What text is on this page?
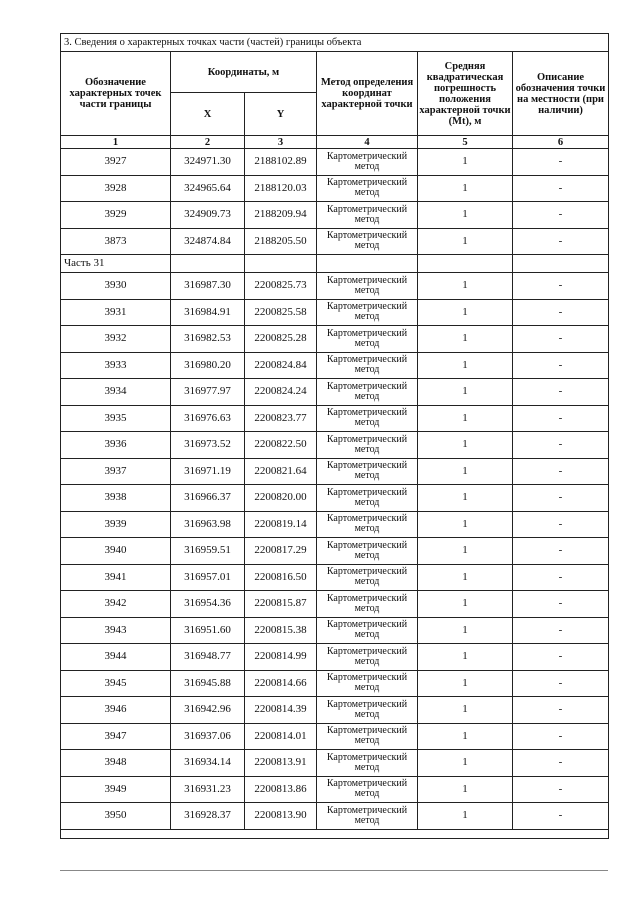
3. Сведения о характерных точках части (частей) границы объекта					
Обозначение характерных точек части границы	Координаты, м		Метод определения координат характерной точки	Средняя квадратическая погрешность положения характерной точки (Mt), м	Описание обозначения точки на местности (при наличии)
	X	Y			
1	2	3	4	5	6
3927	324971.30	2188102.89	Картометрический метод	1	-
3928	324965.64	2188120.03	Картометрический метод	1	-
3929	324909.73	2188209.94	Картометрический метод	1	-
3873	324874.84	2188205.50	Картометрический метод	1	-
Часть 31					
3930	316987.30	2200825.73	Картометрический метод	1	-
3931	316984.91	2200825.58	Картометрический метод	1	-
3932	316982.53	2200825.28	Картометрический метод	1	-
3933	316980.20	2200824.84	Картометрический метод	1	-
3934	316977.97	2200824.24	Картометрический метод	1	-
3935	316976.63	2200823.77	Картометрический метод	1	-
3936	316973.52	2200822.50	Картометрический метод	1	-
3937	316971.19	2200821.64	Картометрический метод	1	-
3938	316966.37	2200820.00	Картометрический метод	1	-
3939	316963.98	2200819.14	Картометрический метод	1	-
3940	316959.51	2200817.29	Картометрический метод	1	-
3941	316957.01	2200816.50	Картометрический метод	1	-
3942	316954.36	2200815.87	Картометрический метод	1	-
3943	316951.60	2200815.38	Картометрический метод	1	-
3944	316948.77	2200814.99	Картометрический метод	1	-
3945	316945.88	2200814.66	Картометрический метод	1	-
3946	316942.96	2200814.39	Картометрический метод	1	-
3947	316937.06	2200814.01	Картометрический метод	1	-
3948	316934.14	2200813.91	Картометрический метод	1	-
3949	316931.23	2200813.86	Картометрический метод	1	-
3950	316928.37	2200813.90	Картометрический метод	1	-
